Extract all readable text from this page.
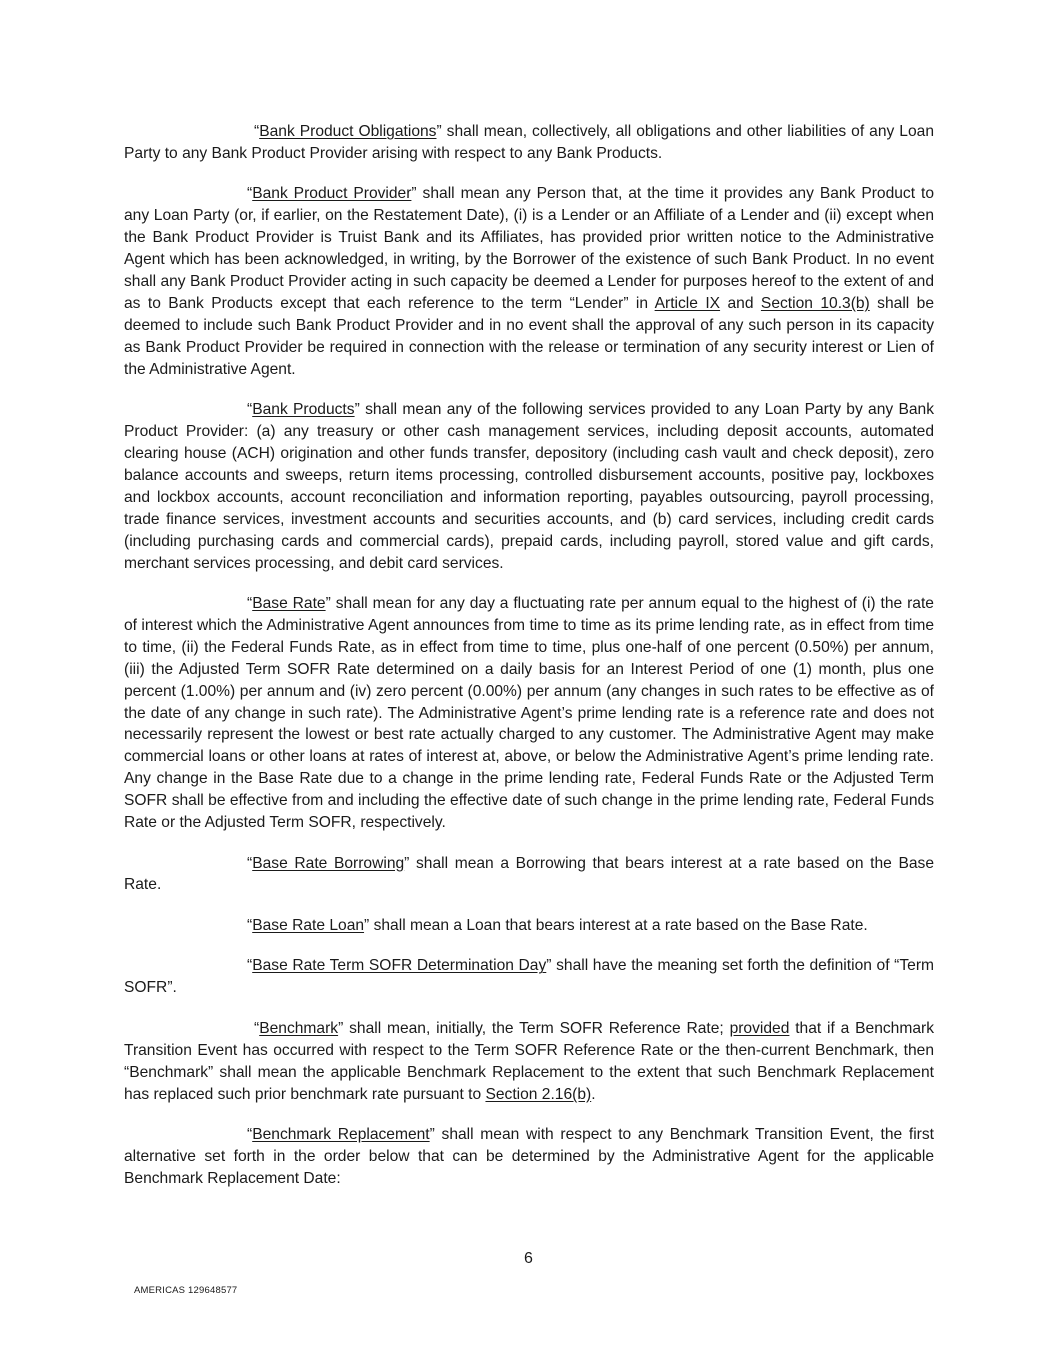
“Bank Product Obligations” shall mean, collectively, all obligations and other liabilities of any Loan Party to any Bank Product Provider arising with respect to any Bank Products.

“Bank Product Provider” shall mean any Person that, at the time it provides any Bank Product to any Loan Party (or, if earlier, on the Restatement Date), (i) is a Lender or an Affiliate of a Lender and (ii) except when the Bank Product Provider is Truist Bank and its Affiliates, has provided prior written notice to the Administrative Agent which has been acknowledged, in writing, by the Borrower of the existence of such Bank Product. In no event shall any Bank Product Provider acting in such capacity be deemed a Lender for purposes hereof to the extent of and as to Bank Products except that each reference to the term “Lender” in Article IX and Section 10.3(b) shall be deemed to include such Bank Product Provider and in no event shall the approval of any such person in its capacity as Bank Product Provider be required in connection with the release or termination of any security interest or Lien of the Administrative Agent.

“Bank Products” shall mean any of the following services provided to any Loan Party by any Bank Product Provider: (a) any treasury or other cash management services, including deposit accounts, automated clearing house (ACH) origination and other funds transfer, depository (including cash vault and check deposit), zero balance accounts and sweeps, return items processing, controlled disbursement accounts, positive pay, lockboxes and lockbox accounts, account reconciliation and information reporting, payables outsourcing, payroll processing, trade finance services, investment accounts and securities accounts, and (b) card services, including credit cards (including purchasing cards and commercial cards), prepaid cards, including payroll, stored value and gift cards, merchant services processing, and debit card services.

“Base Rate” shall mean for any day a fluctuating rate per annum equal to the highest of (i) the rate of interest which the Administrative Agent announces from time to time as its prime lending rate, as in effect from time to time, (ii) the Federal Funds Rate, as in effect from time to time, plus one-half of one percent (0.50%) per annum, (iii) the Adjusted Term SOFR Rate determined on a daily basis for an Interest Period of one (1) month, plus one percent (1.00%) per annum and (iv) zero percent (0.00%) per annum (any changes in such rates to be effective as of the date of any change in such rate). The Administrative Agent’s prime lending rate is a reference rate and does not necessarily represent the lowest or best rate actually charged to any customer. The Administrative Agent may make commercial loans or other loans at rates of interest at, above, or below the Administrative Agent’s prime lending rate. Any change in the Base Rate due to a change in the prime lending rate, Federal Funds Rate or the Adjusted Term SOFR shall be effective from and including the effective date of such change in the prime lending rate, Federal Funds Rate or the Adjusted Term SOFR, respectively.

“Base Rate Borrowing” shall mean a Borrowing that bears interest at a rate based on the Base Rate.

“Base Rate Loan” shall mean a Loan that bears interest at a rate based on the Base Rate.

“Base Rate Term SOFR Determination Day” shall have the meaning set forth the definition of “Term SOFR”.

“Benchmark” shall mean, initially, the Term SOFR Reference Rate; provided that if a Benchmark Transition Event has occurred with respect to the Term SOFR Reference Rate or the then-current Benchmark, then “Benchmark” shall mean the applicable Benchmark Replacement to the extent that such Benchmark Replacement has replaced such prior benchmark rate pursuant to Section 2.16(b).

“Benchmark Replacement” shall mean with respect to any Benchmark Transition Event, the first alternative set forth in the order below that can be determined by the Administrative Agent for the applicable Benchmark Replacement Date:

6
AMERICAS 129648577
